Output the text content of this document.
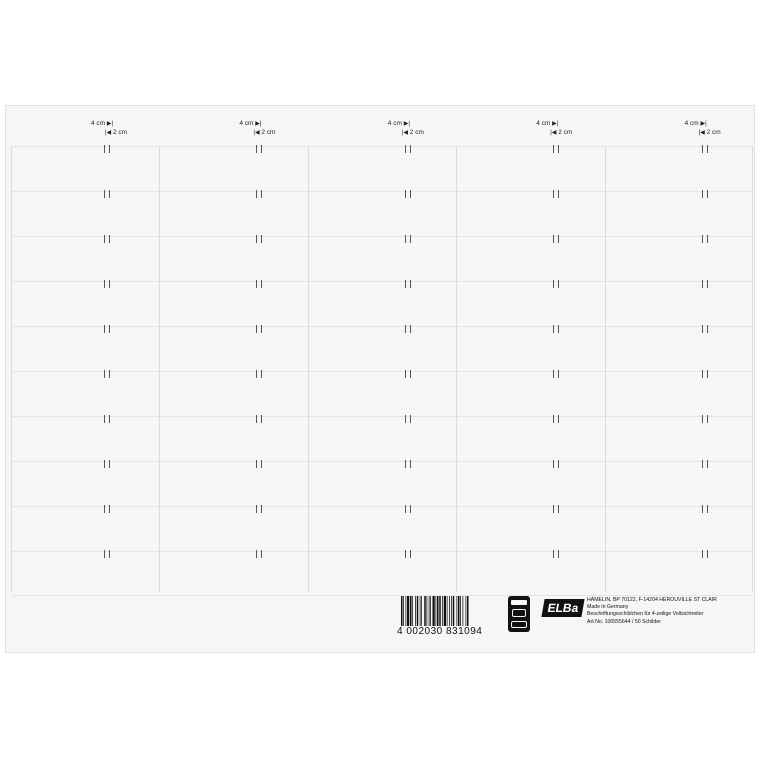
4 cm ▶|
|◀ 2 cm
4 cm ▶|
|◀ 2 cm
4 cm ▶|
|◀ 2 cm
4 cm ▶|
|◀ 2 cm
4 cm ▶|
|◀ 2 cm
4 002030 831094
ELBa
HAMELIN, BP 70122, F-14204 HEROUVILLE ST CLAIR
Made in Germany
Beschriftungsschildchen für 4-zeilige Vollsichtreiter
Art.No. 100555644 / 50 Schilder
